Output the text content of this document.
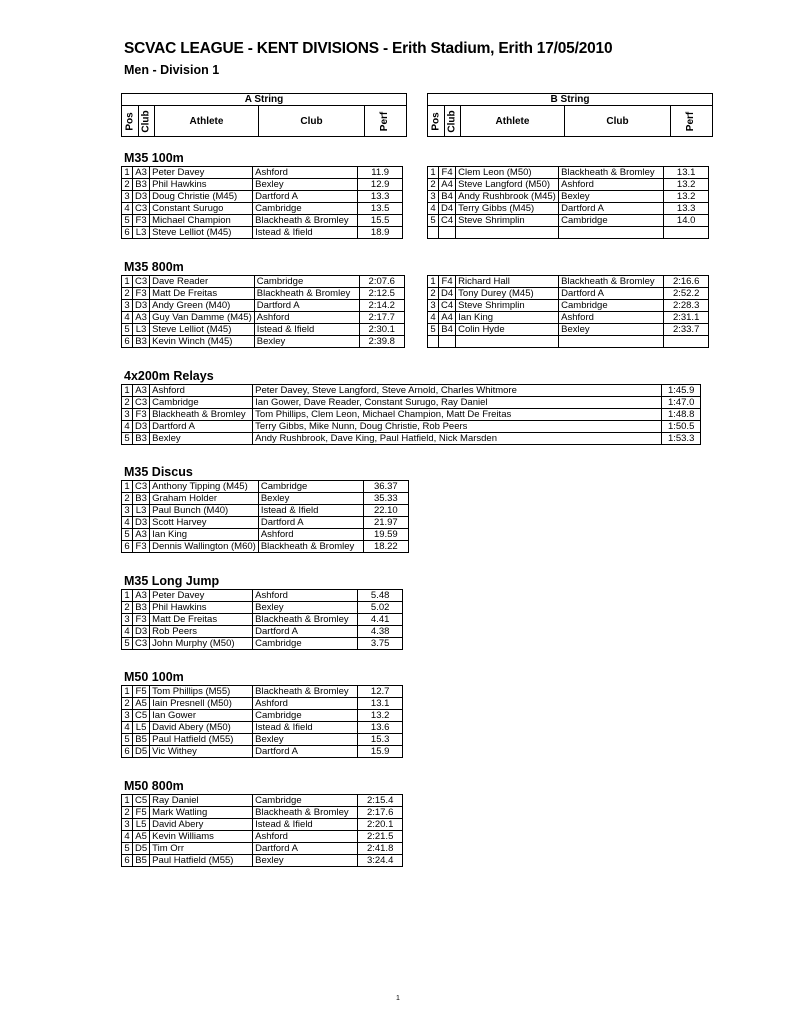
SCVAC LEAGUE - KENT DIVISIONS - Erith Stadium, Erith 17/05/2010
Men - Division 1
A String
Pos Club	Athlete	Club	Perf
B String
Pos Club	Athlete	Club	Perf
M35 100m
1	A3	Peter Davey	Ashford	11.9
2	B3	Phil Hawkins	Bexley	12.9
3	D3	Doug Christie (M45)	Dartford A	13.3
4	C3	Constant Surugo	Cambridge	13.5
5	F3	Michael Champion	Blackheath & Bromley	15.5
6	L3	Steve Lelliot (M45)	Istead & Ifield	18.9
1	F4	Clem Leon (M50)	Blackheath & Bromley	13.1
2	A4	Steve Langford (M50)	Ashford	13.2
3	B4	Andy Rushbrook (M45)	Bexley	13.2
4	D4	Terry Gibbs (M45)	Dartford A	13.3
5	C4	Steve Shrimplin	Cambridge	14.0

M35 800m
1	C3	Dave Reader	Cambridge	2:07.6
2	F3	Matt De Freitas	Blackheath & Bromley	2:12.5
3	D3	Andy Green (M40)	Dartford A	2:14.2
4	A3	Guy Van Damme (M45)	Ashford	2:17.7
5	L3	Steve Lelliot (M45)	Istead & Ifield	2:30.1
6	B3	Kevin Winch (M45)	Bexley	2:39.8
1	F4	Richard Hall	Blackheath & Bromley	2:16.6
2	D4	Tony Durey (M45)	Dartford A	2:52.2
3	C4	Steve Shrimplin	Cambridge	2:28.3
4	A4	Ian King	Ashford	2:31.1
5	B4	Colin Hyde	Bexley	2:33.7

4x200m Relays
1	A3	Ashford	Peter Davey, Steve Langford, Steve Arnold, Charles Whitmore	1:45.9
2	C3	Cambridge	Ian Gower, Dave Reader, Constant Surugo, Ray Daniel	1:47.0
3	F3	Blackheath & Bromley	Tom Phillips, Clem Leon, Michael Champion, Matt De Freitas	1:48.8
4	D3	Dartford A	Terry Gibbs, Mike Nunn, Doug Christie, Rob Peers	1:50.5
5	B3	Bexley	Andy Rushbrook, Dave King, Paul Hatfield, Nick Marsden	1:53.3
M35 Discus
1	C3	Anthony Tipping (M45)	Cambridge	36.37
2	B3	Graham Holder	Bexley	35.33
3	L3	Paul Bunch (M40)	Istead & Ifield	22.10
4	D3	Scott Harvey	Dartford A	21.97
5	A3	Ian King	Ashford	19.59
6	F3	Dennis Wallington (M60)	Blackheath & Bromley	18.22
M35 Long Jump
1	A3	Peter Davey	Ashford	5.48
2	B3	Phil Hawkins	Bexley	5.02
3	F3	Matt De Freitas	Blackheath & Bromley	4.41
4	D3	Rob Peers	Dartford A	4.38
5	C3	John Murphy (M50)	Cambridge	3.75
M50 100m
1	F5	Tom Phillips (M55)	Blackheath & Bromley	12.7
2	A5	Iain Presnell (M50)	Ashford	13.1
3	C5	Ian Gower	Cambridge	13.2
4	L5	David Abery (M50)	Istead & Ifield	13.6
5	B5	Paul Hatfield (M55)	Bexley	15.3
6	D5	Vic Withey	Dartford A	15.9
M50 800m
1	C5	Ray Daniel	Cambridge	2:15.4
2	F5	Mark Watling	Blackheath & Bromley	2:17.6
3	L5	David Abery	Istead & Ifield	2:20.1
4	A5	Kevin Williams	Ashford	2:21.5
5	D5	Tim Orr	Dartford A	2:41.8
6	B5	Paul Hatfield (M55)	Bexley	3:24.4
1
